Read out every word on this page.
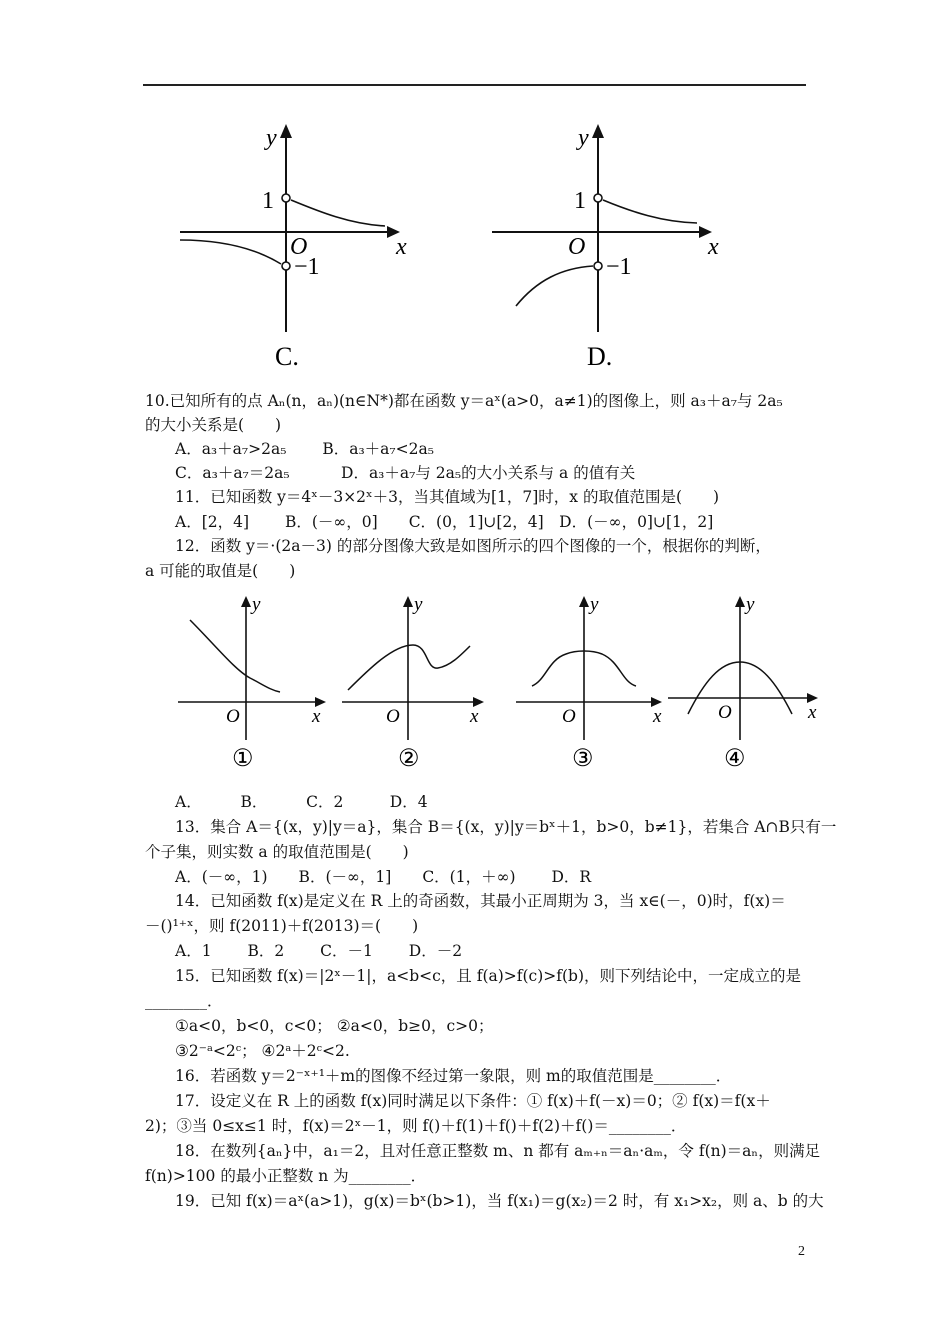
y
1
O	x
−1
C.
y
1
O	x
−1
D.
10.已知所有的点 Aₙ(n，aₙ)(n∈N*)都在函数 y＝aˣ(a>0，a≠1)的图像上，则 a₃＋a₇与 2a₅
的大小关系是(　　)
A．a₃＋a₇>2a₅　　 B．a₃＋a₇<2a₅
C．a₃＋a₇＝2a₅　　　 D．a₃＋a₇与 2a₅的大小关系与 a 的值有关
11．已知函数 y＝4ˣ－3×2ˣ＋3，当其值域为[1，7]时，x 的取值范围是(　　)
A．[2，4]　　 B．(－∞，0]　　C．(0，1]∪[2，4]　D．(－∞，0]∪[1，2]
12．函数 y＝·(2a－3) 的部分图像大致是如图所示的四个图像的一个，根据你的判断，
a 可能的取值是(　　)
y
O	x
①
y
O	x
②
y
O	x
③
y
O	x
④
A．　　　B．　　　C．2　　　D．4
13．集合 A＝{(x，y)|y＝a}，集合 B＝{(x，y)|y＝bˣ＋1，b>0，b≠1}，若集合 A∩B只有一
个子集，则实数 a 的取值范围是(　　)
A．(－∞，1)　　B．(－∞，1]　　C．(1，＋∞)　　 D．R
14．已知函数 f(x)是定义在 R 上的奇函数，其最小正周期为 3，当 x∈(－，0)时，f(x)＝
－()¹⁺ˣ，则 f(2011)＋f(2013)＝(　　)
A．1　　 B．2　　 C．－1　　 D．－2
15．已知函数 f(x)＝|2ˣ－1|，a<b<c，且 f(a)>f(c)>f(b)，则下列结论中，一定成立的是
________．
①a<0，b<0，c<0； ②a<0，b≥0，c>0；
③2⁻ᵃ<2ᶜ； ④2ᵃ＋2ᶜ<2.
16．若函数 y＝2⁻ˣ⁺¹＋m的图像不经过第一象限，则 m的取值范围是________．
17．设定义在 R 上的函数 f(x)同时满足以下条件：① f(x)＋f(－x)＝0；② f(x)＝f(x＋
2)；③当 0≤x≤1 时，f(x)＝2ˣ－1，则 f()＋f(1)＋f()＋f(2)＋f()＝________．
18．在数列{aₙ}中，a₁＝2，且对任意正整数 m、n 都有 aₘ₊ₙ＝aₙ·aₘ，令 f(n)＝aₙ，则满足
f(n)>100 的最小正整数 n 为________．
19．已知 f(x)＝aˣ(a>1)，g(x)＝bˣ(b>1)，当 f(x₁)＝g(x₂)＝2 时，有 x₁>x₂，则 a、b 的大
2
